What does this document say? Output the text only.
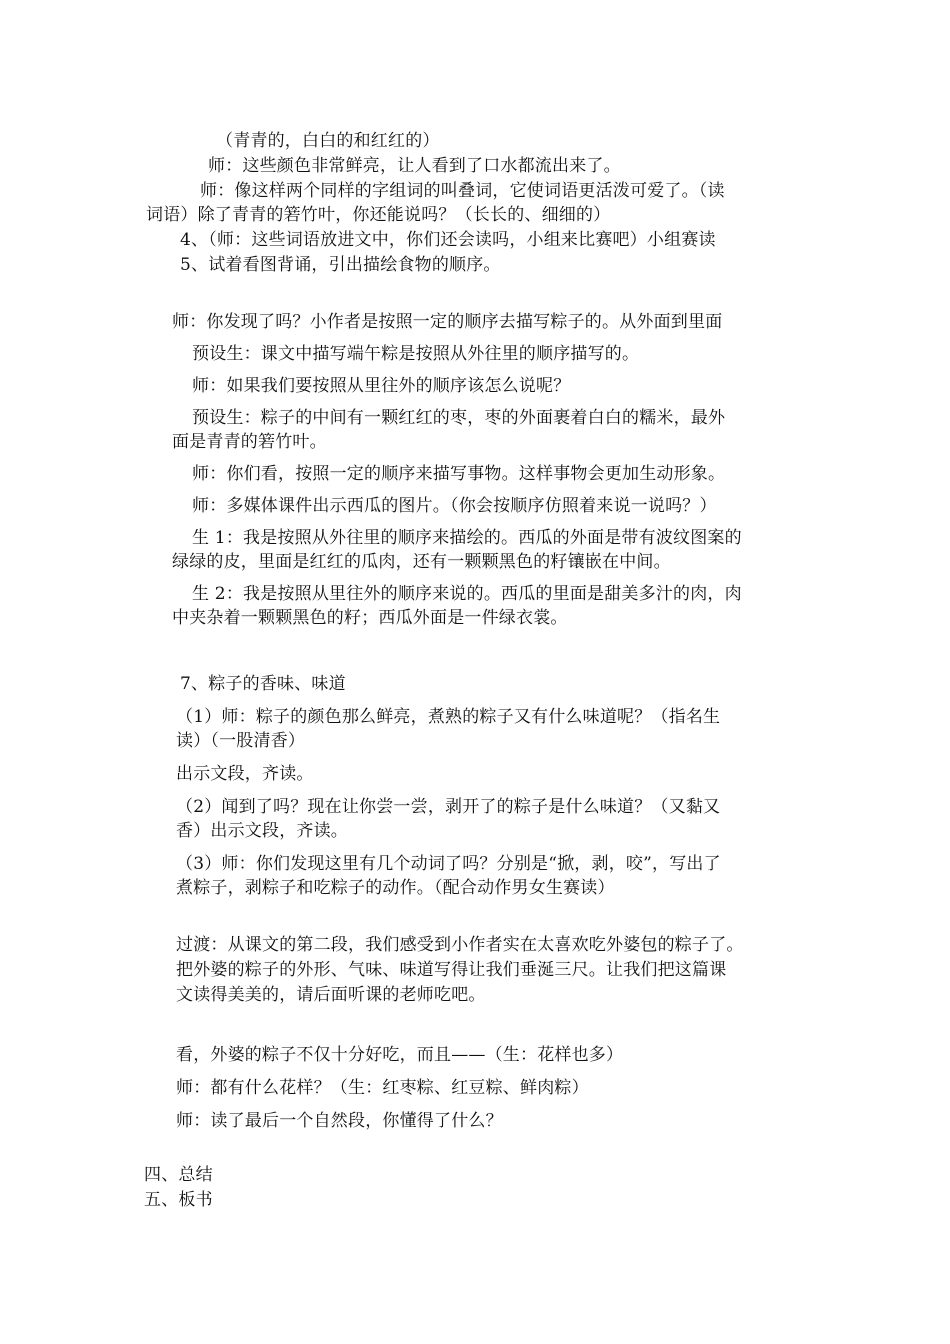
（青青的，白白的和红红的）
师：这些颜色非常鲜亮，让人看到了口水都流出来了。
师：像这样两个同样的字组词的叫叠词，它使词语更活泼可爱了。（读
词语）除了青青的箬竹叶，你还能说吗？（长长的、细细的）
4、（师：这些词语放进文中，你们还会读吗，小组来比赛吧）小组赛读
5、试着看图背诵，引出描绘食物的顺序。
师：你发现了吗？小作者是按照一定的顺序去描写粽子的。从外面到里面
预设生：课文中描写端午粽是按照从外往里的顺序描写的。
师：如果我们要按照从里往外的顺序该怎么说呢？
预设生：粽子的中间有一颗红红的枣，枣的外面裹着白白的糯米，最外
面是青青的箬竹叶。
师：你们看，按照一定的顺序来描写事物。这样事物会更加生动形象。
师：多媒体课件出示西瓜的图片。（你会按顺序仿照着来说一说吗？）
生 1：我是按照从外往里的顺序来描绘的。西瓜的外面是带有波纹图案的
绿绿的皮，里面是红红的瓜肉，还有一颗颗黑色的籽镶嵌在中间。
生 2：我是按照从里往外的顺序来说的。西瓜的里面是甜美多汁的肉，肉
中夹杂着一颗颗黑色的籽；西瓜外面是一件绿衣裳。
7、粽子的香味、味道
（1）师：粽子的颜色那么鲜亮，煮熟的粽子又有什么味道呢？（指名生
读）（一股清香）
出示文段，齐读。
（2）闻到了吗？现在让你尝一尝，剥开了的粽子是什么味道？（又黏又
香）出示文段，齐读。
（3）师：你们发现这里有几个动词了吗？分别是“掀，剥，咬”，写出了
煮粽子，剥粽子和吃粽子的动作。（配合动作男女生赛读）
过渡：从课文的第二段，我们感受到小作者实在太喜欢吃外婆包的粽子了。
把外婆的粽子的外形、气味、味道写得让我们垂涎三尺。让我们把这篇课
文读得美美的，请后面听课的老师吃吧。
看，外婆的粽子不仅十分好吃，而且——（生：花样也多）
师：都有什么花样？（生：红枣粽、红豆粽、鲜肉粽）
师：读了最后一个自然段，你懂得了什么？
四、总结
五、板书
